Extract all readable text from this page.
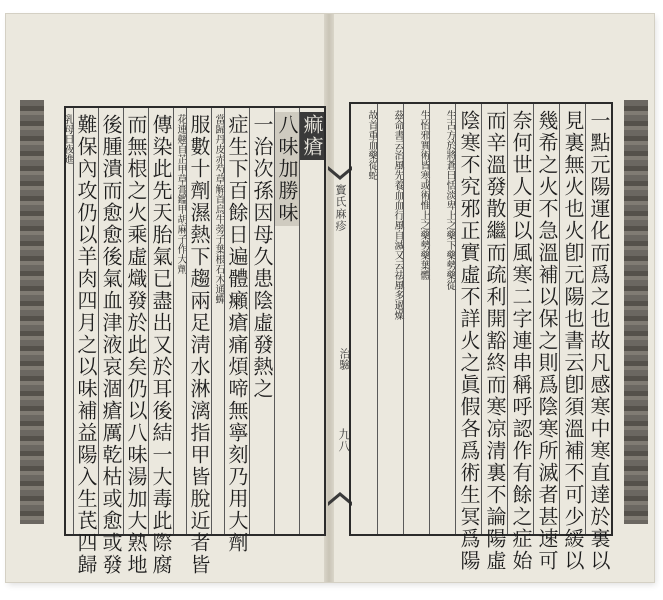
痲瘡
八味加勝味
一治次孫因母久患陰虛發熱之
症生下百餘日遍體癩瘡痛煩啼無寧刻乃用大劑
當歸丹皮赤芍草解首烏牛蒡子葉根石木通蟬
服數十劑濕熱下趨兩足淸水淋漓指甲皆脫近者皆
花連翹自芷甲草膏鑑甲胡麻子作大劑
傳染此先天胎氣已盡出又於耳後結一大毒此際腐
而無根之火乘虛熾發於此矣仍以八味湯加大熟地
後腫潰而愈愈後氣血津液哀涸瘡厲乾枯或愈或發
難保內攻仍以羊肉四月之以味補益陽入生芪四歸
乳母日夜進
竇氏麻疹
治驗
九八	一點元陽運化而爲之也故凡感寒中寒直達於裏以
見裏無火也火卽元陽也書云卽須溫補不可少緩以
幾希之火不急溫補以保之則爲陰寒所滅者甚速可
奈何世人更以風寒二字連串稱呼認作有餘之症始
而辛溫發散繼而疏利開豁終而寒凉清裏不論陽虛
陰寒不究邪正實虛不詳火之眞假各爲術生冥爲陽
生古方於將蒼曰恬淡卑上之藥下藥勢藥從
生怡邪實術皆寒或術惟上之藥勢藥葉體
茲命書云治風先養血血行風自滅又云祛風多過燥
故首重血藥從蛇
